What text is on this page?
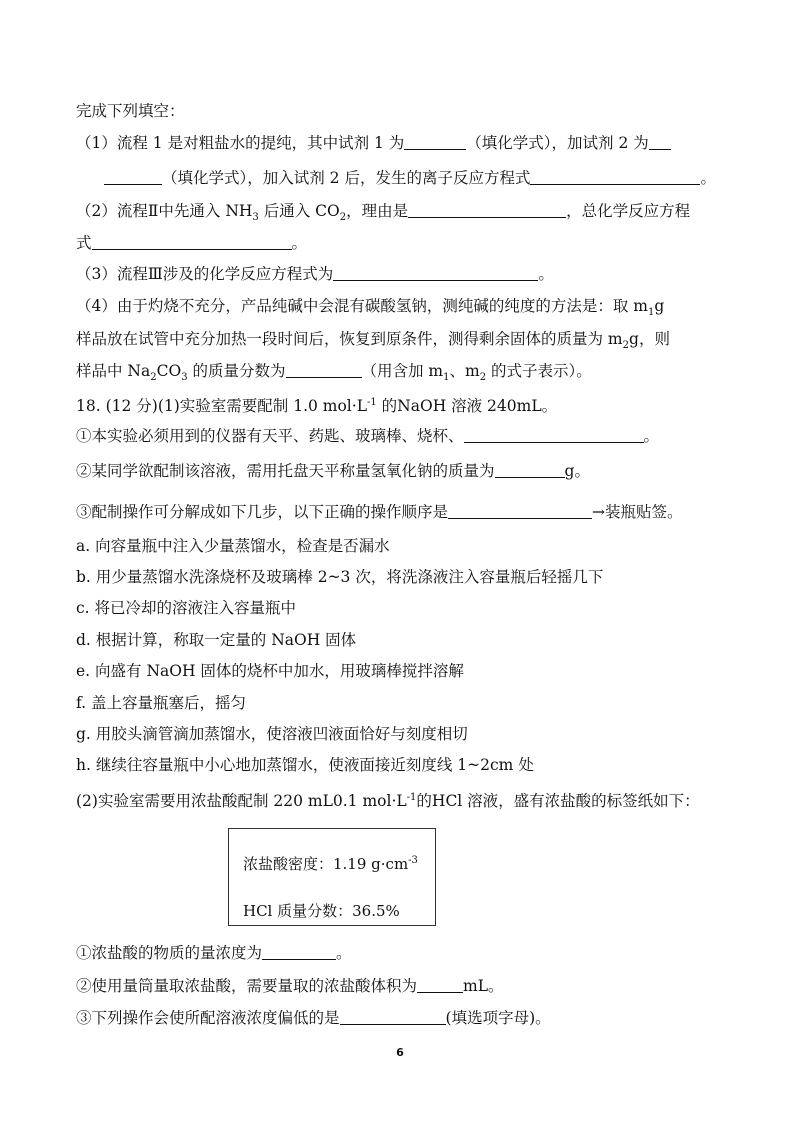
完成下列填空：
（1）流程 1 是对粗盐水的提纯，其中试剂 1 为	（填化学式），加试剂 2 为
（填化学式），加入试剂 2 后，发生的离子反应方程式	。
（2）流程Ⅱ中先通入 $NH_3$ 后通入 $CO_2$，理由是	，总化学反应方程
式	。
（3）流程Ⅲ涉及的化学反应方程式为	。
（4）由于灼烧不充分，产品纯碱中会混有碳酸氢钠，测纯碱的纯度的方法是：取 $m_1g$
样品放在试管中充分加热一段时间后，恢复到原条件，测得剩余固体的质量为 $m_2g$，则
样品中 $Na_2CO_3$ 的质量分数为	（用含加 $m_1$、$m_2$ 的式子表示）。
18. (12 分)(1)实验室需要配制 1.0 $mol\cdot L^{-1}$ 的NaOH 溶液 240mL。
①本实验必须用到的仪器有天平、药匙、玻璃棒、烧杯、	。
②某同学欲配制该溶液，需用托盘天平称量氢氧化钠的质量为	g。
③配制操作可分解成如下几步，以下正确的操作顺序是	→装瓶贴签。
a. 向容量瓶中注入少量蒸馏水，检查是否漏水
b. 用少量蒸馏水洗涤烧杯及玻璃棒 2~3 次，将洗涤液注入容量瓶后轻摇几下
c. 将已冷却的溶液注入容量瓶中
d. 根据计算，称取一定量的 NaOH 固体
e. 向盛有 NaOH 固体的烧杯中加水，用玻璃棒搅拌溶解
f. 盖上容量瓶塞后，摇匀
g. 用胶头滴管滴加蒸馏水，使溶液凹液面恰好与刻度相切
h. 继续往容量瓶中小心地加蒸馏水，使液面接近刻度线 1~2cm 处
(2)实验室需要用浓盐酸配制 220 mL0.1 $mol\cdot L^{-1}$的HCl 溶液，盛有浓盐酸的标签纸如下：
浓盐酸密度：1.19 $g\cdot cm^{-3}$
HCl 质量分数：36.5%
①浓盐酸的物质的量浓度为	。
②使用量筒量取浓盐酸，需要量取的浓盐酸体积为	mL。
③下列操作会使所配溶液浓度偏低的是	(填选项字母)。
6
